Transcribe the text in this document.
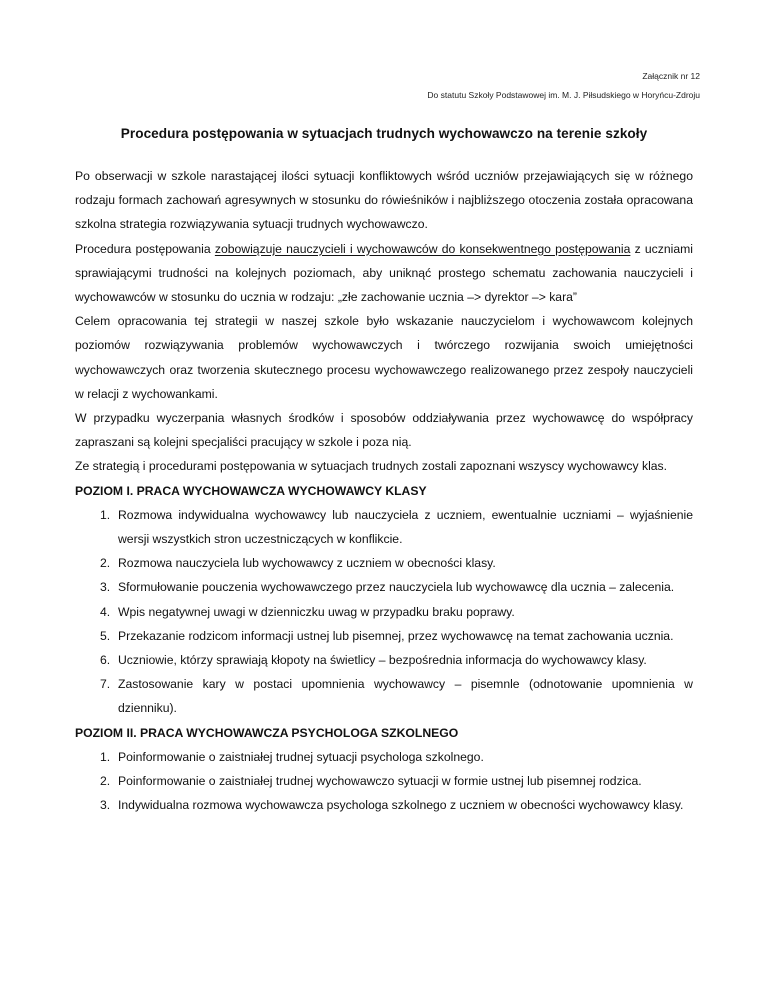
Załącznik nr 12
Do statutu Szkoły Podstawowej im. M. J. Piłsudskiego w Horyńcu-Zdroju
Procedura postępowania w sytuacjach trudnych wychowawczo na terenie szkoły

Po obserwacji w szkole narastającej ilości sytuacji konfliktowych wśród uczniów przejawiających się w różnego rodzaju formach zachowań agresywnych w stosunku do rówieśników i najbliższego otoczenia została opracowana szkolna strategia rozwiązywania sytuacji trudnych wychowawczo.

Procedura postępowania zobowiązuje nauczycieli i wychowawców do konsekwentnego postępowania z uczniami sprawiającymi trudności na kolejnych poziomach, aby uniknąć prostego schematu zachowania nauczycieli i wychowawców w stosunku do ucznia w rodzaju: „złe zachowanie ucznia –> dyrektor –> kara”

Celem opracowania tej strategii w naszej szkole było wskazanie nauczycielom i wychowawcom kolejnych poziomów rozwiązywania problemów wychowawczych i twórczego rozwijania swoich umiejętności wychowawczych oraz tworzenia skutecznego procesu wychowawczego realizowanego przez zespoły nauczycieli w relacji z wychowankami.

W przypadku wyczerpania własnych środków i sposobów oddziaływania przez wychowawcę do współpracy zapraszani są kolejni specjaliści pracujący w szkole i poza nią.

Ze strategią i procedurami postępowania w sytuacjach trudnych zostali zapoznani wszyscy wychowawcy klas.

POZIOM I. PRACA WYCHOWAWCZA WYCHOWAWCY KLASY
1. Rozmowa indywidualna wychowawcy lub nauczyciela z uczniem, ewentualnie uczniami – wyjaśnienie wersji wszystkich stron uczestniczących w konflikcie.
2. Rozmowa nauczyciela lub wychowawcy z uczniem w obecności klasy.
3. Sformułowanie pouczenia wychowawczego przez nauczyciela lub wychowawcę dla ucznia – zalecenia.
4. Wpis negatywnej uwagi w dzienniczku uwag w przypadku braku poprawy.
5. Przekazanie rodzicom informacji ustnej lub pisemnej, przez wychowawcę na temat zachowania ucznia.
6. Uczniowie, którzy sprawiają kłopoty na świetlicy – bezpośrednia informacja do wychowawcy klasy.
7. Zastosowanie kary w postaci upomnienia wychowawcy – pisemnle (odnotowanie upomnienia w dzienniku).
POZIOM II. PRACA WYCHOWAWCZA PSYCHOLOGA SZKOLNEGO
1. Poinformowanie o zaistniałej trudnej sytuacji psychologa szkolnego.
2. Poinformowanie o zaistniałej trudnej wychowawczo sytuacji w formie ustnej lub pisemnej rodzica.
3. Indywidualna rozmowa wychowawcza psychologa szkolnego z uczniem w obecności wychowawcy klasy.
